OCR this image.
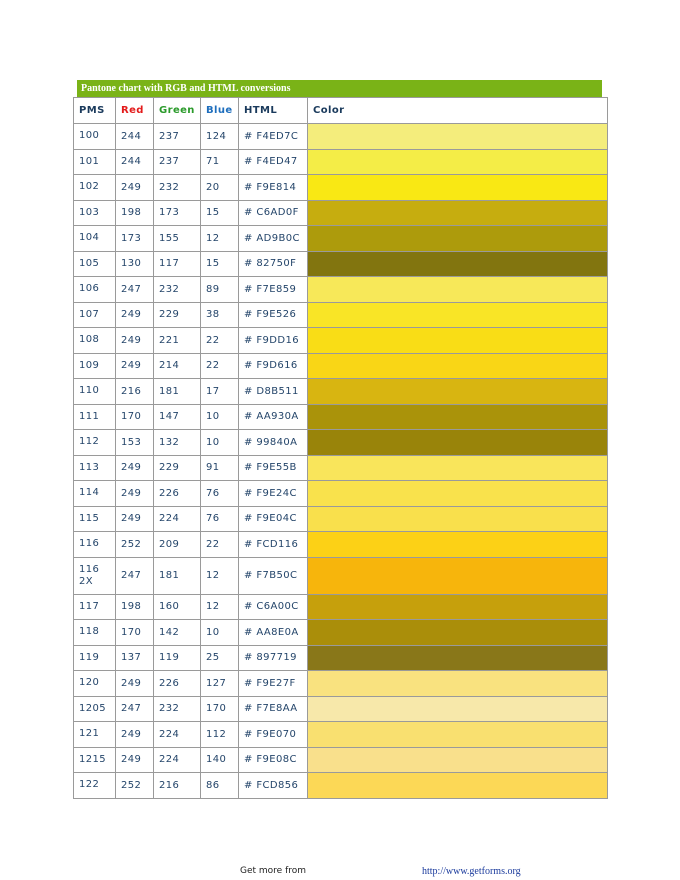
Pantone chart with RGB and HTML conversions
PMS	Red	Green	Blue	HTML	Color
100	244	237	124	# F4ED7C	
101	244	237	71	# F4ED47	
102	249	232	20	# F9E814	
103	198	173	15	# C6AD0F	
104	173	155	12	# AD9B0C	
105	130	117	15	# 82750F	
106	247	232	89	# F7E859	
107	249	229	38	# F9E526	
108	249	221	22	# F9DD16	
109	249	214	22	# F9D616	
110	216	181	17	# D8B511	
111	170	147	10	# AA930A	
112	153	132	10	# 99840A	
113	249	229	91	# F9E55B	
114	249	226	76	# F9E24C	
115	249	224	76	# F9E04C	
116	252	209	22	# FCD116	
116 2X	247	181	12	# F7B50C	
117	198	160	12	# C6A00C	
118	170	142	10	# AA8E0A	
119	137	119	25	# 897719	
120	249	226	127	# F9E27F	
1205	247	232	170	# F7E8AA	
121	249	224	112	# F9E070	
1215	249	224	140	# F9E08C	
122	252	216	86	# FCD856	
Get more from	http://www.getforms.org
